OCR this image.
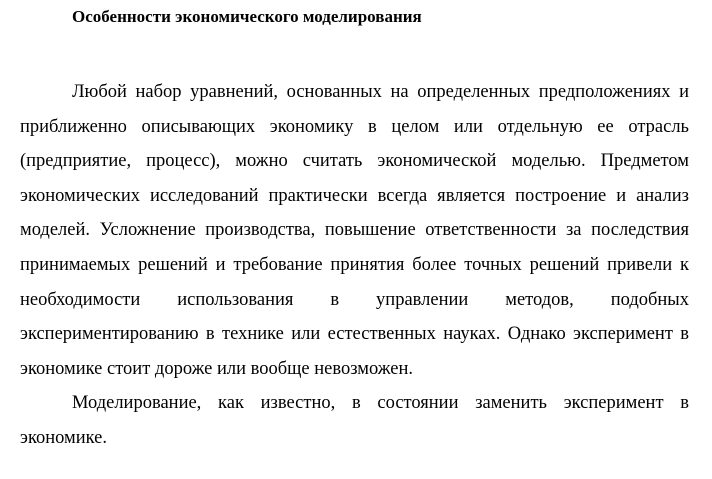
Особенности экономического моделирования

Любой набор уравнений, основанных на определенных предположениях и приближенно описывающих экономику в целом или отдельную ее отрасль (предприятие, процесс), можно считать экономической моделью. Предметом экономических исследований практически всегда является построение и анализ моделей. Усложнение производства, повышение ответственности за последствия принимаемых решений и требование принятия более точных решений привели к необходимости использования в управлении методов, подобных экспериментированию в технике или естественных науках. Однако эксперимент в экономике стоит дороже или вообще невозможен.

Моделирование, как известно, в состоянии заменить эксперимент в экономике.
